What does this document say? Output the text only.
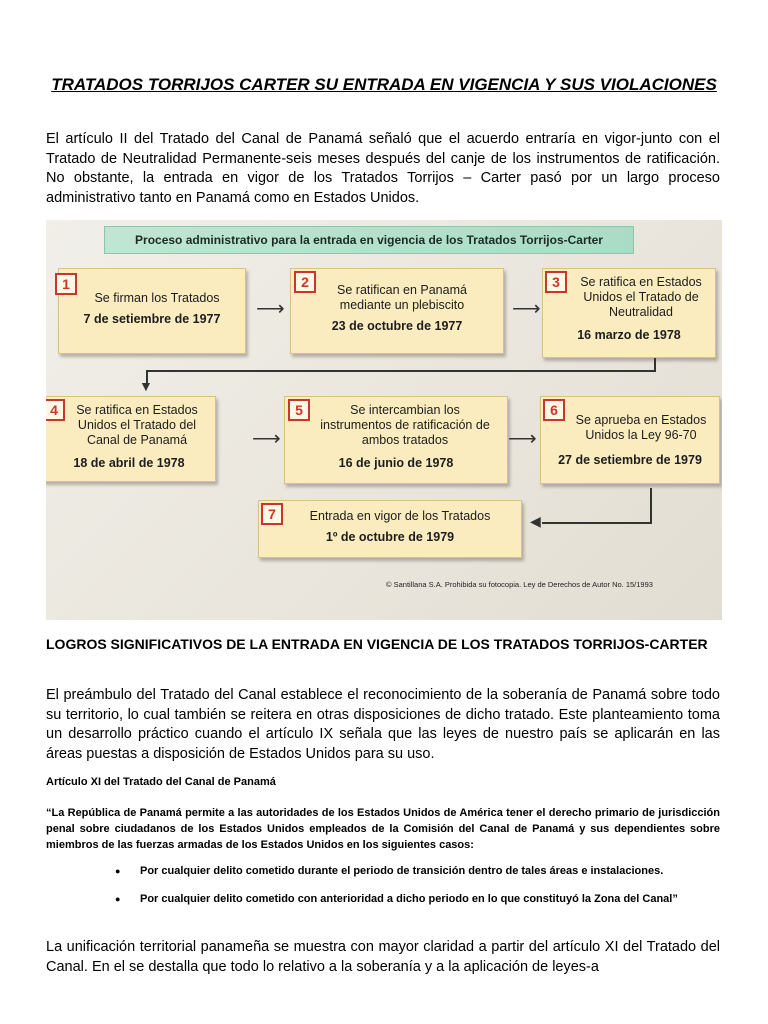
TRATADOS TORRIJOS CARTER SU ENTRADA EN VIGENCIA Y SUS VIOLACIONES
El artículo II del Tratado del Canal de Panamá señaló que el acuerdo entraría en vigor-junto con el Tratado de Neutralidad Permanente-seis meses después del canje de los instrumentos de ratificación. No obstante, la entrada en vigor de los Tratados Torrijos – Carter pasó por un largo proceso administrativo tanto en Panamá como en Estados Unidos.
Proceso administrativo para la entrada en vigencia de los Tratados Torrijos-Carter
1
Se firman los Tratados
7 de setiembre de 1977	⟶
2	Se ratifican en Panamá mediante un plebiscito
23 de octubre de 1977
⟶
3	Se ratifica en Estados Unidos el Tratado de Neutralidad
16 marzo de 1978
▼
4	Se ratifica en Estados Unidos el Tratado del Canal de Panamá
18 de abril de 1978
⟶
5	Se intercambian los instrumentos de ratificación de ambos tratados
16 de junio de 1978
⟶
6
Se aprueba en Estados Unidos la Ley 96-70
27 de setiembre de 1979
◀
7	Entrada en vigor de los Tratados
1º de octubre de 1979
© Santillana S.A. Prohibida su fotocopia. Ley de Derechos de Autor No. 15/1993
LOGROS SIGNIFICATIVOS DE LA ENTRADA EN VIGENCIA DE LOS TRATADOS TORRIJOS-CARTER
El preámbulo del Tratado del Canal establece el reconocimiento de la soberanía de Panamá sobre todo su territorio, lo cual también se reitera en otras disposiciones de dicho tratado. Este planteamiento toma un desarrollo práctico cuando el artículo IX señala que las leyes de nuestro país se aplicarán en las áreas puestas a disposición de Estados Unidos para su uso.
Artículo XI del Tratado del Canal de Panamá
“La República de Panamá permite a las autoridades de los Estados Unidos de América tener el derecho primario de jurisdicción penal sobre ciudadanos de los Estados Unidos empleados de la Comisión del Canal de Panamá y sus dependientes sobre miembros de las fuerzas armadas de los Estados Unidos en los siguientes casos:
● Por cualquier delito cometido durante el periodo de transición dentro de tales áreas e instalaciones.
● Por cualquier delito cometido con anterioridad a dicho periodo en lo que constituyó la Zona del Canal”
La unificación territorial panameña se muestra con mayor claridad a partir del artículo XI del Tratado del Canal. En el se destalla que todo lo relativo a la soberanía y a la aplicación de leyes-a
